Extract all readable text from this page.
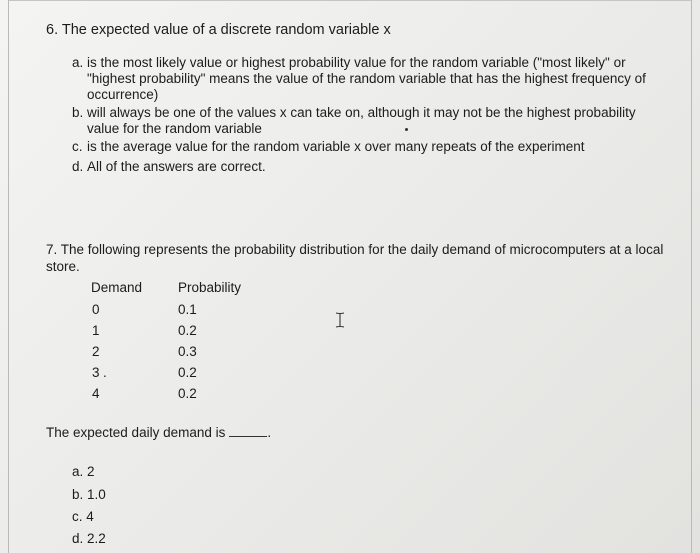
6. The expected value of a discrete random variable x
a. is the most likely value or highest probability value for the random variable ("most likely" or
"highest probability" means the value of the random variable that has the highest frequency of
occurrence)
b. will always be one of the values x can take on, although it may not be the highest probability
value for the random variable
c. is the average value for the random variable x over many repeats of the experiment
d. All of the answers are correct.
7. The following represents the probability distribution for the daily demand of microcomputers at a local
store.
Demand	Probability
0	0.1
1	0.2
2	0.3
3 .	0.2
4	0.2
The expected daily demand is	.
a. 2
b. 1.0
c. 4
d. 2.2
